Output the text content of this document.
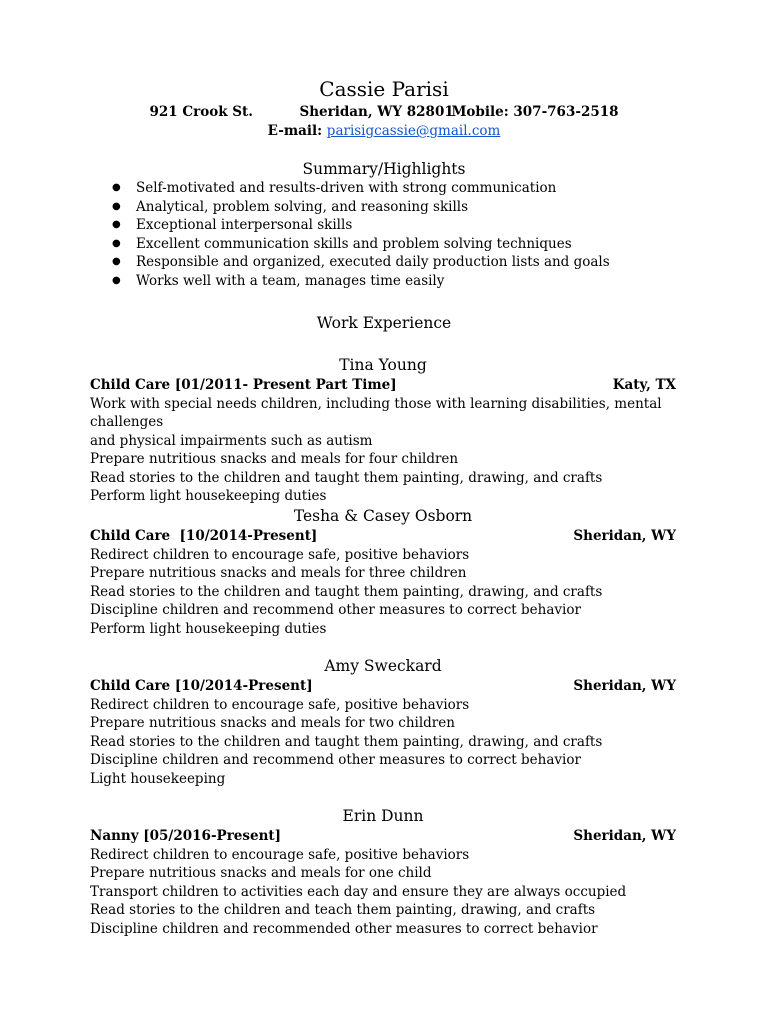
Cassie Parisi
921 Crook St.	Sheridan, WY 82801Mobile: 307-763-2518
E-mail: parisigcassie@gmail.com
Summary/Highlights
● Self-motivated and results-driven with strong communication
● Analytical, problem solving, and reasoning skills
● Exceptional interpersonal skills
● Excellent communication skills and problem solving techniques
● Responsible and organized, executed daily production lists and goals
● Works well with a team, manages time easily
Work Experience
Tina Young
Child Care [01/2011- Present Part Time]	Katy, TX

Work with special needs children, including those with learning disabilities, mental challenges

and physical impairments such as autism

Prepare nutritious snacks and meals for four children

Read stories to the children and taught them painting, drawing, and crafts

Perform light housekeeping duties

Tesha & Casey Osborn
Child Care  [10/2014-Present]	Sheridan, WY

Redirect children to encourage safe, positive behaviors

Prepare nutritious snacks and meals for three children

Read stories to the children and taught them painting, drawing, and crafts

Discipline children and recommend other measures to correct behavior

Perform light housekeeping duties

Amy Sweckard
Child Care [10/2014-Present]	Sheridan, WY

Redirect children to encourage safe, positive behaviors

Prepare nutritious snacks and meals for two children

Read stories to the children and taught them painting, drawing, and crafts

Discipline children and recommend other measures to correct behavior

Light housekeeping

Erin Dunn
Nanny [05/2016-Present]	Sheridan, WY

Redirect children to encourage safe, positive behaviors

Prepare nutritious snacks and meals for one child

Transport children to activities each day and ensure they are always occupied

Read stories to the children and teach them painting, drawing, and crafts

Discipline children and recommended other measures to correct behavior
